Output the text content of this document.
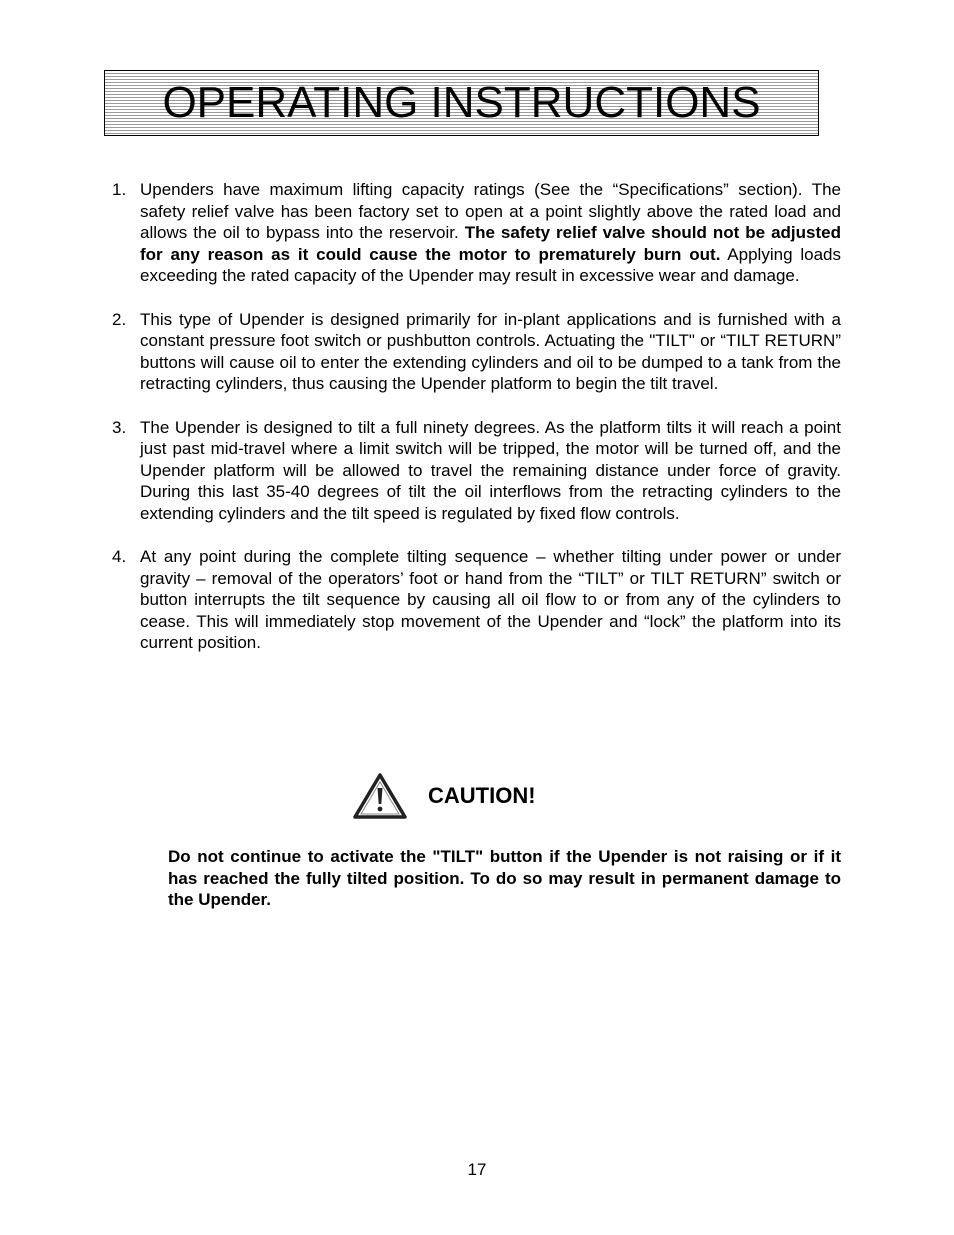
OPERATING INSTRUCTIONS
1. Upenders have maximum lifting capacity ratings (See the “Specifications” section). The safety relief valve has been factory set to open at a point slightly above the rated load and allows the oil to bypass into the reservoir. The safety relief valve should not be adjusted for any reason as it could cause the motor to prematurely burn out. Applying loads exceeding the rated capacity of the Upender may result in excessive wear and damage.
2. This type of Upender is designed primarily for in-plant applications and is furnished with a constant pressure foot switch or pushbutton controls. Actuating the "TILT" or “TILT RETURN” buttons will cause oil to enter the extending cylinders and oil to be dumped to a tank from the retracting cylinders, thus causing the Upender platform to begin the tilt travel.
3. The Upender is designed to tilt a full ninety degrees. As the platform tilts it will reach a point just past mid-travel where a limit switch will be tripped, the motor will be turned off, and the Upender platform will be allowed to travel the remaining distance under force of gravity. During this last 35-40 degrees of tilt the oil interflows from the retracting cylinders to the extending cylinders and the tilt speed is regulated by fixed flow controls.
4. At any point during the complete tilting sequence – whether tilting under power or under gravity – removal of the operators’ foot or hand from the “TILT” or TILT RETURN” switch or button interrupts the tilt sequence by causing all oil flow to or from any of the cylinders to cease. This will immediately stop movement of the Upender and “lock” the platform into its current position.
CAUTION!

Do not continue to activate the "TILT" button if the Upender is not raising or if it has reached the fully tilted position. To do so may result in permanent damage to the Upender.

17
